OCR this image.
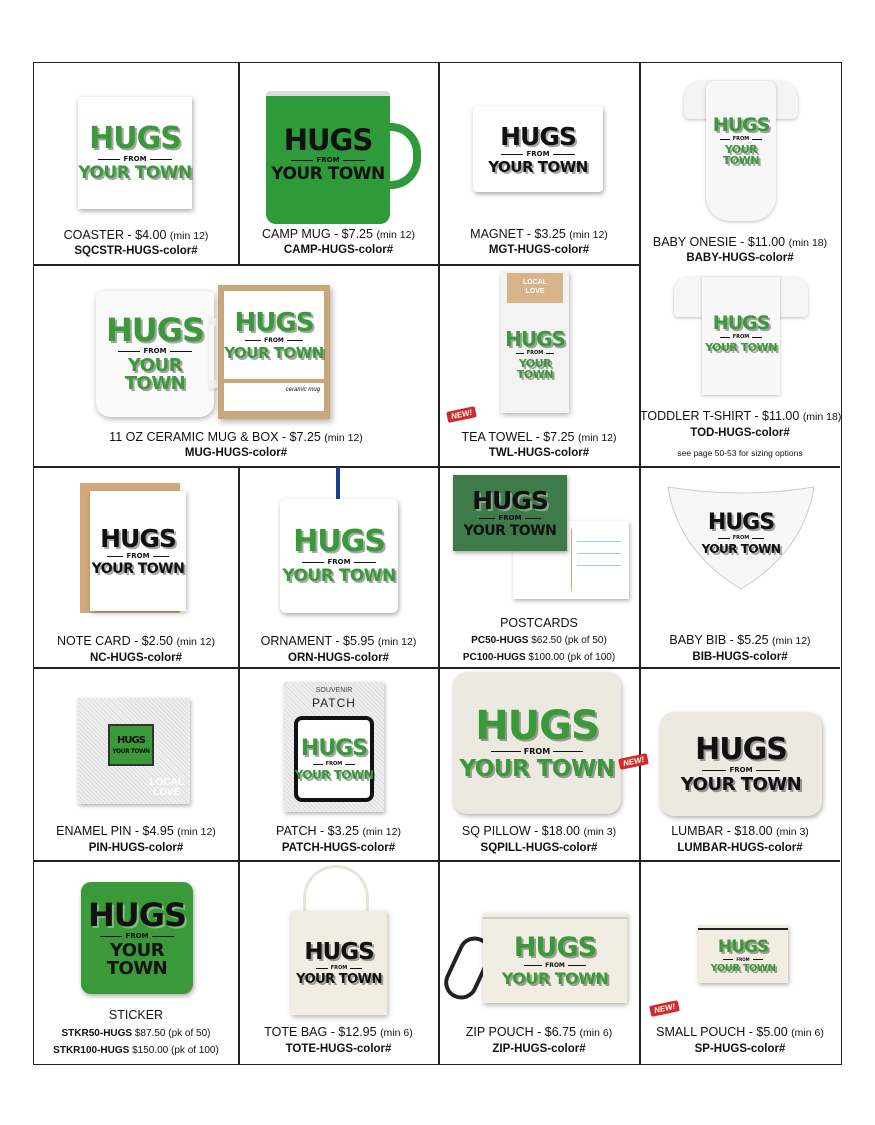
HUGS
FROM
YOUR TOWN
COASTER - $4.00 (min 12)
SQCSTR-HUGS-color#
HUGS
FROM
YOUR TOWN
CAMP MUG - $7.25 (min 12)
CAMP-HUGS-color#
HUGS
FROM
YOUR TOWN
MAGNET - $3.25 (min 12)
MGT-HUGS-color#
HUGS
FROM
YOUR TOWN
BABY ONESIE - $11.00 (min 18)
BABY-HUGS-color#
HUGS
FROM
YOUR TOWN
HUGS
FROM
YOUR TOWN
ceramic mug
11 OZ CERAMIC MUG & BOX - $7.25 (min 12)
MUG-HUGS-color#
LOCAL
LOVE
HUGS
FROM
YOUR TOWN
NEW!
TEA TOWEL - $7.25 (min 12)
TWL-HUGS-color#
HUGS
FROM
YOUR TOWN
TODDLER T-SHIRT - $11.00 (min 18)
TOD-HUGS-color#
see page 50-53 for sizing options
HUGS
FROM
YOUR TOWN
NOTE CARD - $2.50 (min 12)
NC-HUGS-color#
HUGS
FROM
YOUR TOWN
ORNAMENT - $5.95 (min 12)
ORN-HUGS-color#
HUGS
FROM
YOUR TOWN
POSTCARDS
PC50-HUGS $62.50 (pk of 50)
PC100-HUGS $100.00 (pk of 100)
HUGS
FROM
YOUR TOWN
BABY BIB - $5.25 (min 12)
BIB-HUGS-color#
HUGS
YOUR TOWN
LOCAL
LOVE
ENAMEL PIN - $4.95 (min 12)
PIN-HUGS-color#
SOUVENIR
PATCH
HUGS
FROM
YOUR TOWN
PATCH - $3.25 (min 12)
PATCH-HUGS-color#
HUGS
FROM
YOUR TOWN NEW!
SQ PILLOW - $18.00 (min 3)
SQPILL-HUGS-color#
HUGS
FROM
YOUR TOWN
LUMBAR - $18.00 (min 3)
LUMBAR-HUGS-color#
HUGS
FROM
YOUR TOWN
STICKER
STKR50-HUGS $87.50 (pk of 50)
STKR100-HUGS $150.00 (pk of 100)
HUGS
FROM
YOUR TOWN
TOTE BAG - $12.95 (min 6)
TOTE-HUGS-color#
HUGS
FROM
YOUR TOWN
ZIP POUCH - $6.75 (min 6)
ZIP-HUGS-color#
HUGS
FROM
YOUR TOWN
NEW!
SMALL POUCH - $5.00 (min 6)
SP-HUGS-color#
